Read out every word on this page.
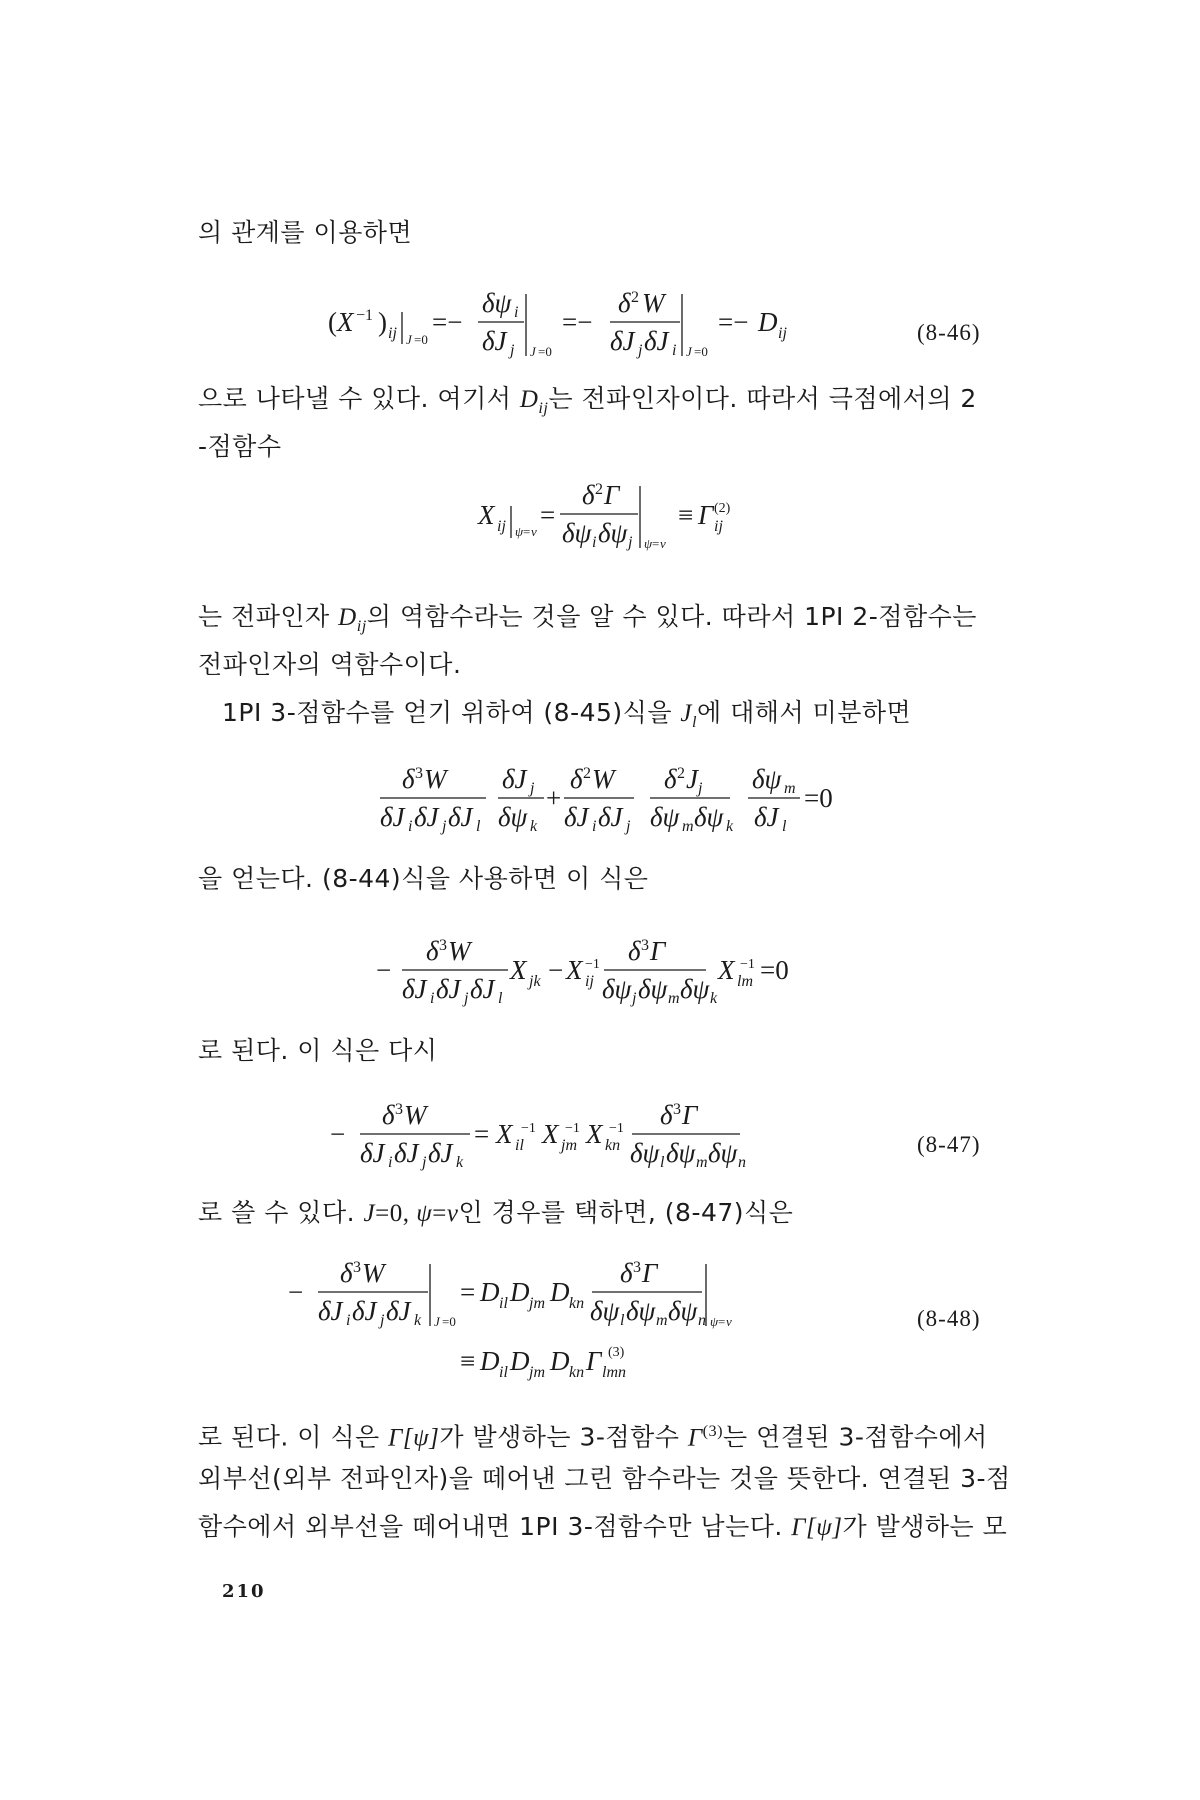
의 관계를 이용하면
( X −1 ) ij J =0
=−
δψ i
δJ j J =0
=−
δ 2 W
δJ j δJ i J =0
=− D ij	(8-46)
으로 나타낼 수 있다. 여기서 $D_{ij}$는 전파인자이다. 따라서 극점에서의 2
-점함수
X ij ψ = v
=
δ 2 Γ
δψ i δψ j ψ = v
≡ Γ ij
(2)
는 전파인자 $D_{ij}$의 역함수라는 것을 알 수 있다. 따라서 1PI 2-점함수는
전파인자의 역함수이다.
1PI 3-점함수를 얻기 위하여 (8-45)식을 $J_l$에 대해서 미분하면
δ 3 W
δJ i δJ j δJ l
δJ j
δψ k
+
δ 2 W
δJ i δJ j
δ 2 J j
δψ m δψ k
δψ m
δJ l
=0
을 얻는다. (8-44)식을 사용하면 이 식은
−
δ 3 W
δJ i δJ j δJ l
X jk − X ij
−1 δ 3 Γ
δψ j δψ m δψ k
X lm
−1 =0
로 된다. 이 식은 다시
−
δ 3 W
δJ i δJ j δJ k
= X il
−1 X jm
−1 X kn
−1 δ 3 Γ
δψ l δψ m δψ n
(8-47)
로 쓸 수 있다. J=0, ψ=v인 경우를 택하면, (8-47)식은
−
δ 3 W
δJ i δJ j δJ k J =0
= D il D jm D kn
δ 3 Γ
δψ l δψ m δψ n ψ = v
≡ D il D jm D kn Γ lmn
(3)
(8-48)
로 된다. 이 식은 Γ[ψ]가 발생하는 3-점함수 $\Gamma^{(3)}$는 연결된 3-점함수에서
외부선(외부 전파인자)을 떼어낸 그린 함수라는 것을 뜻한다. 연결된 3-점
함수에서 외부선을 떼어내면 1PI 3-점함수만 남는다. Γ[ψ]가 발생하는 모
210
